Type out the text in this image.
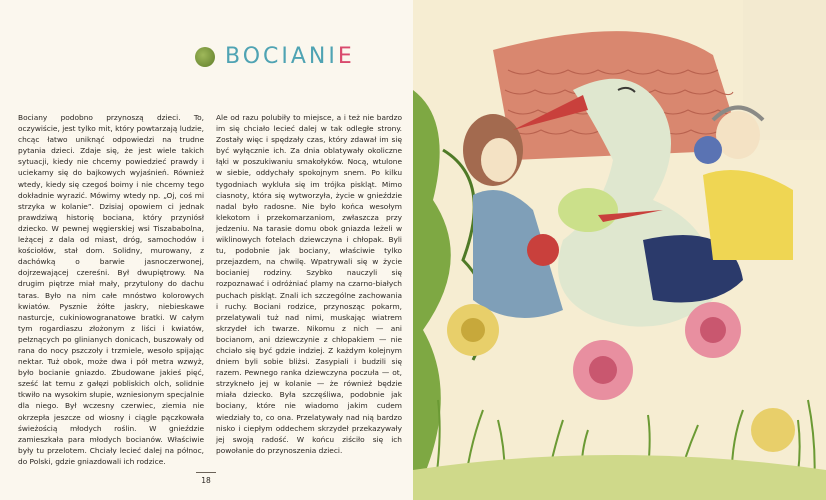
BOCIANIE

Bociany podobno przynoszą dzieci. To, oczywiście, jest tylko mit, który powtarzają ludzie, chcąc łatwo uniknąć odpowiedzi na trudne pytania dzieci. Zdaje się, że jest wiele takich sytuacji, kiedy nie chcemy powiedzieć prawdy i uciekamy się do bajkowych wyjaśnień. Również wtedy, kiedy się czegoś boimy i nie chcemy tego dokładnie wyrazić. Mówimy wtedy np. „Oj, coś mi strzyka w kolanie”. Dzisiaj opowiem ci jednak prawdziwą historię bociana, który przyniósł dziecko. W pewnej węgierskiej wsi Tiszababolna, leżącej z dala od miast, dróg, samochodów i kościołów, stał dom. Solidny, murowany, z dachówką o barwie jasnoczerwonej, dojrzewającej czereśni. Był dwupiętrowy. Na drugim piętrze miał mały, przytulony do dachu taras. Było na nim całe mnóstwo kolorowych kwiatów. Pyszniе żółte jaskry, niebieskawe nasturcje, cukiniowogranatowe bratki. W całym tym rogardiaszu złożonym z liści i kwiatów, pełznących po glinianych donicach, buszowały od rana do nocy pszczoły i trzmiele, wesoło spijając nektar. Tuż obok, może dwa i pół metra wzwyż, było bocianie gniazdo. Zbudowane jakieś pięć, sześć lat temu z gałęzi pobliskich olch, solidnie tkwiło na wysokim słupie, wzniesionym specjalnie dla niego. Był wczesny czerwiec, ziemia nie okrzepła jeszcze od wiosny i ciągle pączkowała świeżością młodych roślin. W gnieździe zamieszkała para młodych bocianów. Właściwie byłу tu przelotem. Chciały lecieć dalej na północ, do Polski, gdzie gniazdowali ich rodzice.

Ale od razu polubiły to miejsce, a i też nie bardzo im się chciało lecieć dalej w tak odległe strony. Zostały więc i spędzały czas, który zdawał im się być wyłącznie ich. Za dnia oblatywały okoliczne łąki w poszukiwaniu smakołyków. Nocą, wtulone w siebie, oddychały spokojnym snem. Po kilku tygodniach wykluła się im trójka piskląt. Mimo ciasnoty, która się wytworzyła, życie w gnieździe nadal było radosne. Nie było końca wesołym klekotom i przekomarzaniom, zwłaszcza przy jedzeniu. Na tarasie domu obok gniazda leżeli w wiklinowych fotelach dziewczyna i chłopak. Byli tu, podobnie jak bociany, właściwie tylko przejazdem, na chwilę. Wpatrywali się w życie bocianiej rodziny. Szybko nauczyli się rozpoznawać i odróżniać plamy na czarno-białych puchach piskląt. Znali ich szczególne zachowania i ruchy. Bociani rodzice, przynosząc pokarm, przelatywali tuż nad nimi, muskając wiatrem skrzydeł ich twarze. Nikomu z nich — ani bocianom, ani dziewczynie z chłopakiem — nie chciało się być gdzie indziej. Z każdym kolejnym dniem byli sobie bliżsi. Zasypiali i budzili się razem. Pewnego ranka dziewczyna poczuła — ot, strzykneło jej w kolanie — że również będzie miała dziecko. Była szczęśliwa, podobnie jak bociany, które nie wiadomo jakim cudem wiedziały to, co ona. Przelatywały nad nią bardzo nisko i ciepłym oddechem skrzydeł przekazywały jej swoją radość. W końcu ziściło się ich powołanie do przynoszenia dzieci.

18
